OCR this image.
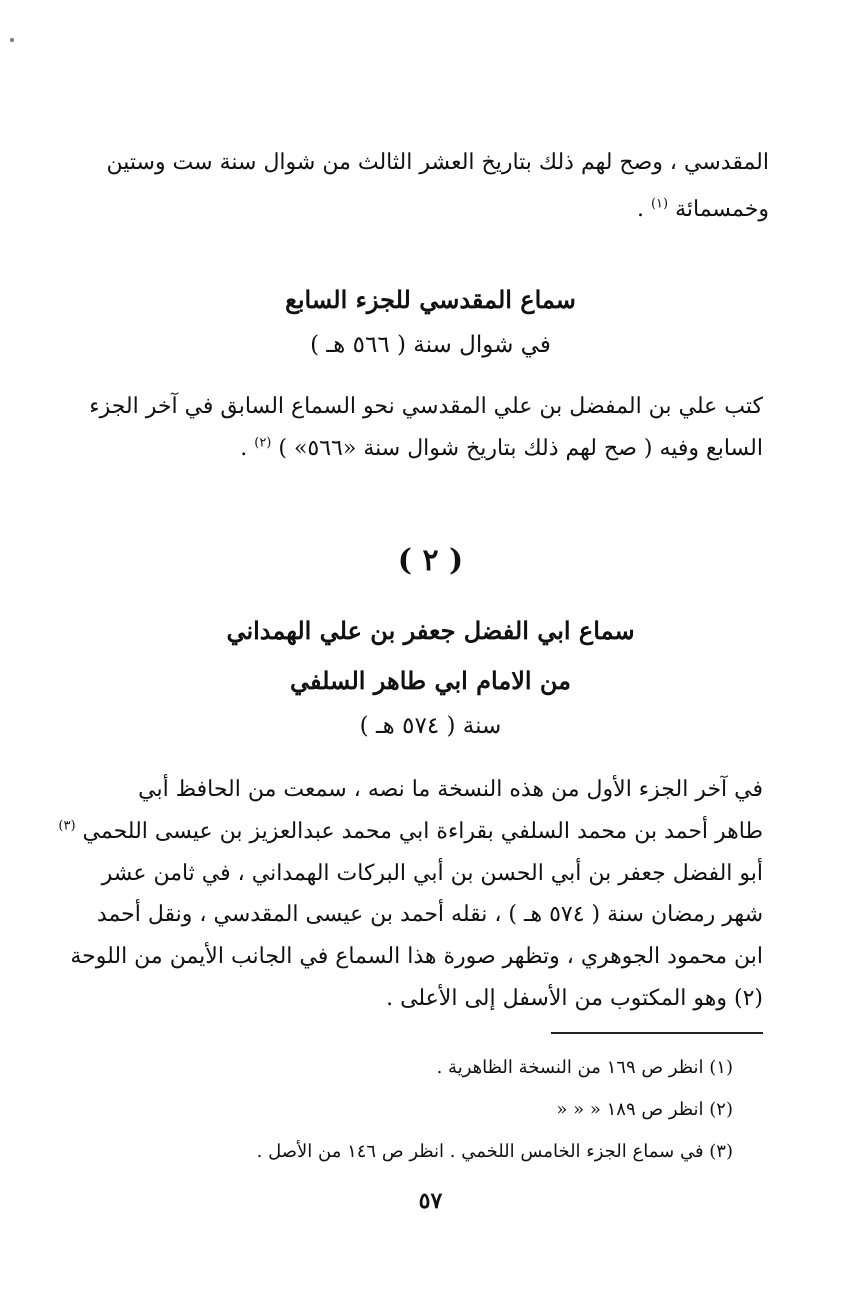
المقدسي ، وصح لهم ذلك بتاريخ العشر الثالث من شوال سنة ست وستين
وخمسمائة $^{(١)}$ .
سماع المقدسي للجزء السابع
في شوال سنة ( ٥٦٦ هـ )
كتب علي بن المفضل بن علي المقدسي نحو السماع السابق في آخر الجزء
السابع وفيه ( صح لهم ذلك بتاريخ شوال سنة «٥٦٦» ) $^{(٢)}$ .
( ٢ )
سماع ابي الفضل جعفر بن علي الهمداني
من الامام ابي طاهر السلفي
سنة ( ٥٧٤ هـ )
في آخر الجزء الأول من هذه النسخة ما نصه ، سمعت من الحافظ أبي
طاهر أحمد بن محمد السلفي بقراءة ابي محمد عبدالعزيز بن عيسى اللحمي $^{(٣)}$
أبو الفضل جعفر بن أبي الحسن بن أبي البركات الهمداني ، في ثامن عشر
شهر رمضان سنة ( ٥٧٤ هـ ) ، نقله أحمد بن عيسى المقدسي ، ونقل أحمد
ابن محمود الجوهري ، وتظهر صورة هذا السماع في الجانب الأيمن من اللوحة
(٢) وهو المكتوب من الأسفل إلى الأعلى .
(١) انظر ص ١٦٩ من النسخة الظاهرية .
(٢) انظر ص ١٨٩ « « «
(٣) في سماع الجزء الخامس اللخمي . انظر ص ١٤٦ من الأصل .
٥٧
